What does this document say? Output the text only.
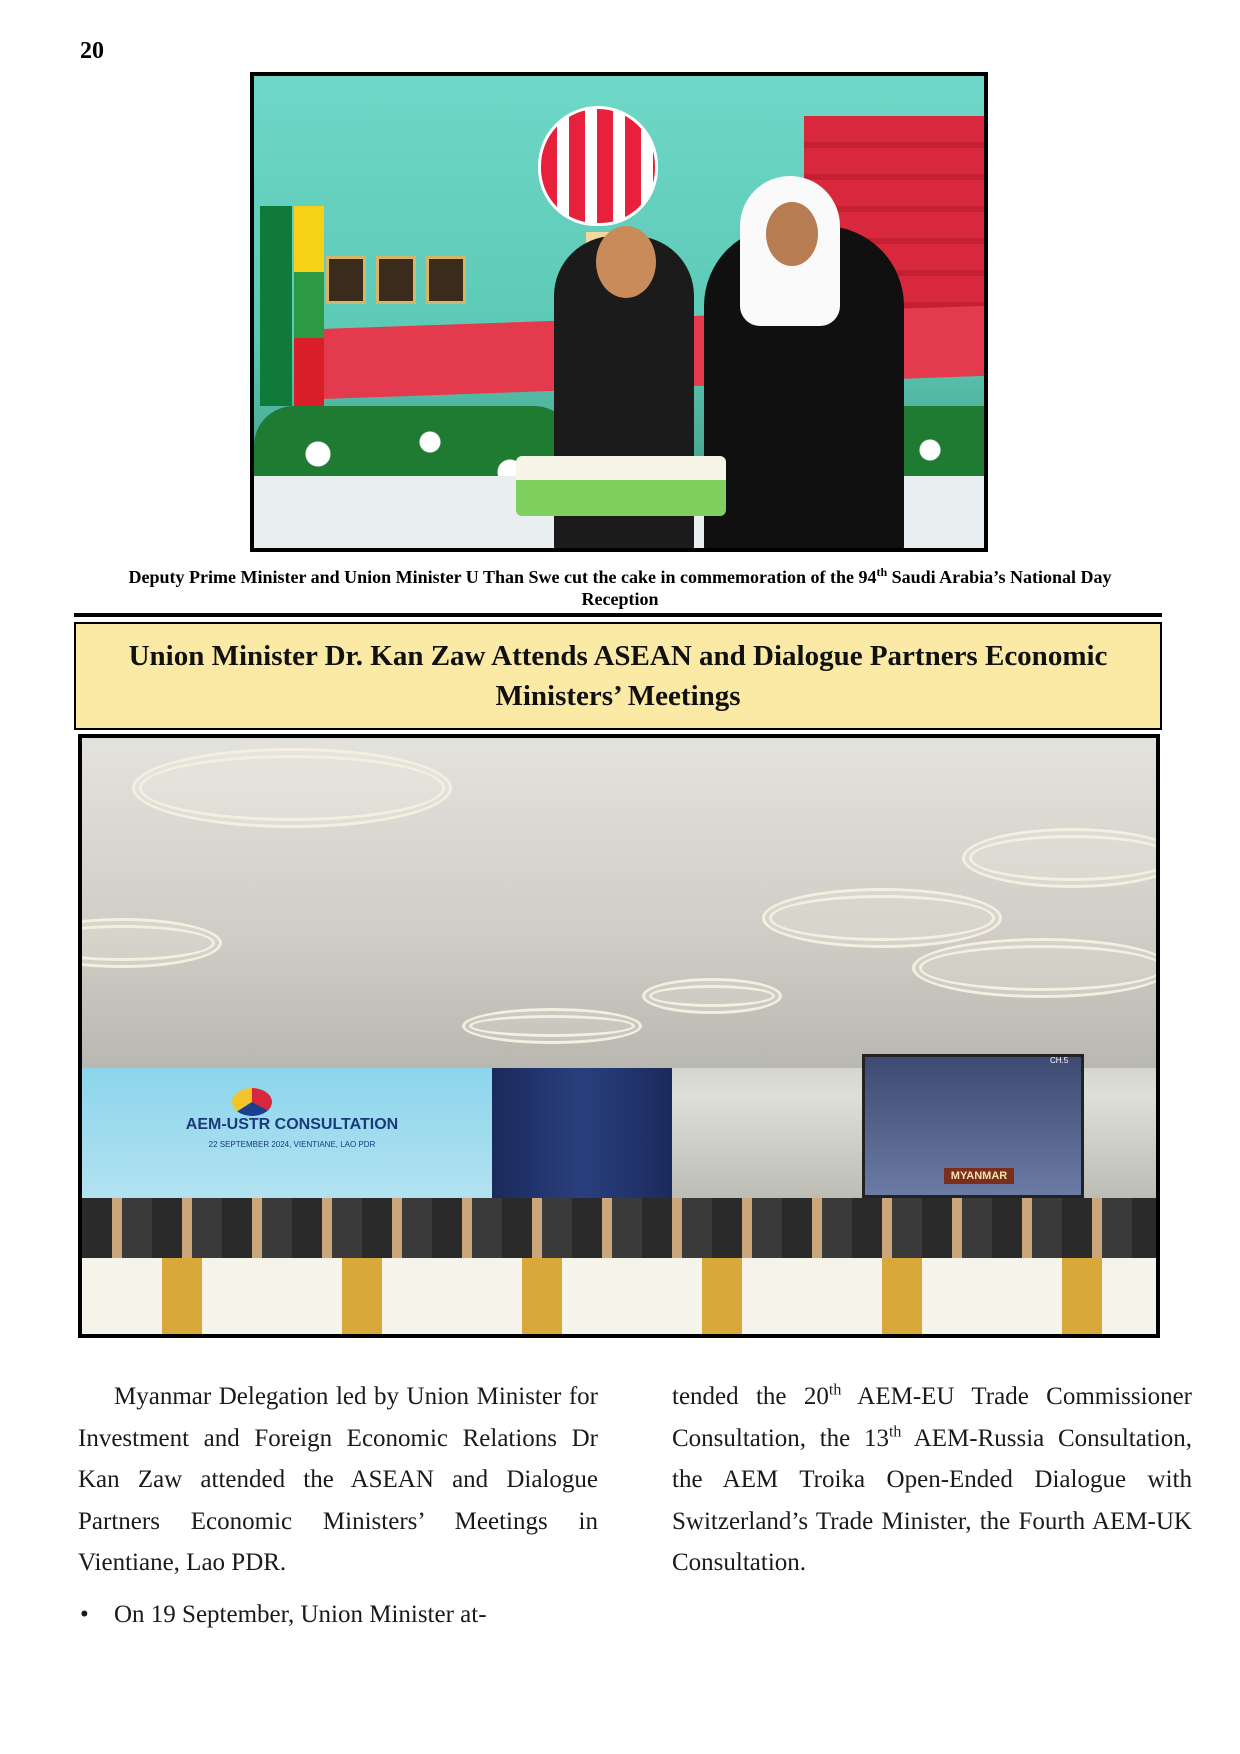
20
Deputy Prime Minister and Union Minister U Than Swe cut the cake in commemoration of the 94th Saudi Arabia’s National Day Reception
Union Minister Dr. Kan Zaw Attends ASEAN and Dialogue Partners Economic Ministers’ Meetings
AEM-USTR CONSULTATION
22 SEPTEMBER 2024, VIENTIANE, LAO PDR
CH.5
MYANMAR

Myanmar Delegation led by Union Minister for Investment and Foreign Economic Relations Dr Kan Zaw attended the ASEAN and Dialogue Partners Economic Ministers’ Meetings in Vientiane, Lao PDR.

• On 19 September, Union Minister at-

tended the 20th AEM-EU Trade Commissioner Consultation, the 13th AEM-Russia Consultation, the AEM Troika Open-Ended Dialogue with Switzerland’s Trade Minister, the Fourth AEM-UK Consultation.
